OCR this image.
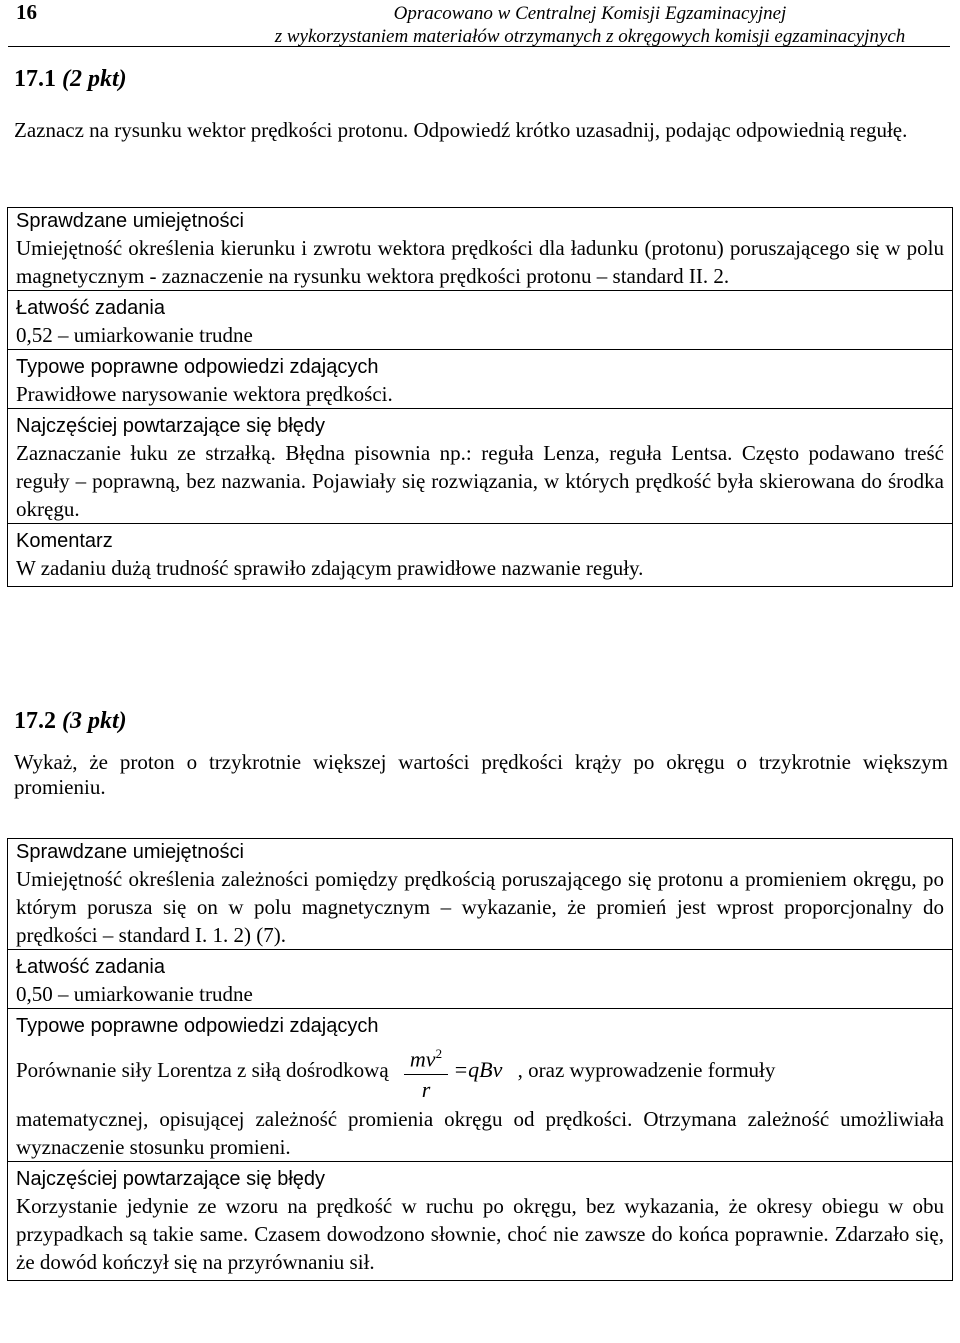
16	Opracowano w Centralnej Komisji Egzaminacyjnej
z wykorzystaniem materiałów otrzymanych z okręgowych komisji egzaminacyjnych
17.1 (2 pkt)
Zaznacz na rysunku wektor prędkości protonu. Odpowiedź krótko uzasadnij, podając odpowiednią regułę.
Sprawdzane umiejętności
Umiejętność określenia kierunku i zwrotu wektora prędkości dla ładunku (protonu) poruszającego się w polu magnetycznym - zaznaczenie na rysunku wektora prędkości protonu – standard II. 2.
Łatwość zadania
0,52 – umiarkowanie trudne
Typowe poprawne odpowiedzi zdających
Prawidłowe narysowanie wektora prędkości.
Najczęściej powtarzające się błędy
Zaznaczanie łuku ze strzałką. Błędna pisownia np.: reguła Lenza, reguła Lentsa. Często podawano treść reguły – poprawną, bez nazwania. Pojawiały się rozwiązania, w których prędkość była skierowana do środka okręgu.
Komentarz
W zadaniu dużą trudność sprawiło zdającym prawidłowe nazwanie reguły.
17.2 (3 pkt)
Wykaż, że proton o trzykrotnie większej wartości prędkości krąży po okręgu o trzykrotnie większym promieniu.
Sprawdzane umiejętności
Umiejętność określenia zależności pomiędzy prędkością poruszającego się protonu a promieniem okręgu, po którym porusza się on w polu magnetycznym – wykazanie, że promień jest wprost proporcjonalny do prędkości – standard I. 1. 2) (7).
Łatwość zadania
0,50 – umiarkowanie trudne
Typowe poprawne odpowiedzi zdających
Porównanie siły Lorentza z siłą dośrodkową $\frac{mv^2}{r} =qBv$ , oraz wyprowadzenie formuły
matematycznej, opisującej zależność promienia okręgu od prędkości. Otrzymana zależność umożliwiała wyznaczenie stosunku promieni.
Najczęściej powtarzające się błędy
Korzystanie jedynie ze wzoru na prędkość w ruchu po okręgu, bez wykazania, że okresy obiegu w obu przypadkach są takie same. Czasem dowodzono słownie, choć nie zawsze do końca poprawnie. Zdarzało się, że dowód kończył się na przyrównaniu sił.
